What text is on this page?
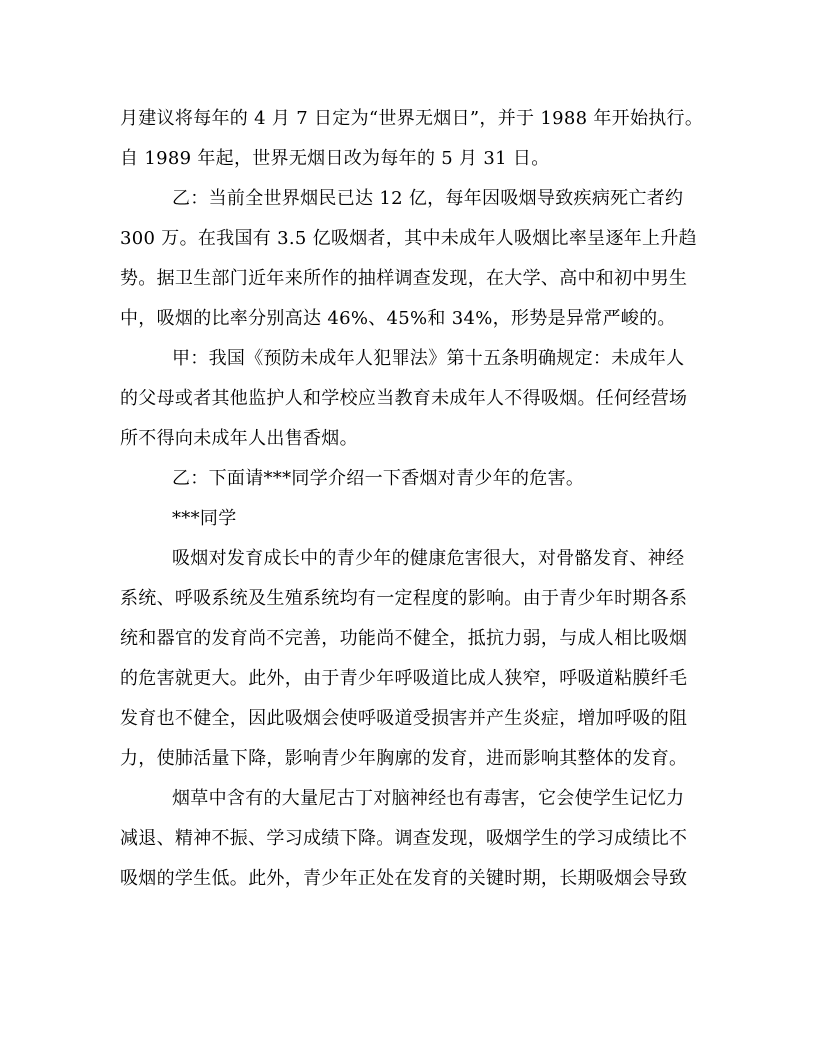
月建议将每年的 4 月 7 日定为“世界无烟日”，并于 1988 年开始执行。
自 1989 年起，世界无烟日改为每年的 5 月 31 日。
乙：当前全世界烟民已达 12 亿，每年因吸烟导致疾病死亡者约
300 万。在我国有 3.5 亿吸烟者，其中未成年人吸烟比率呈逐年上升趋
势。据卫生部门近年来所作的抽样调查发现，在大学、高中和初中男生
中，吸烟的比率分别高达 46%、45%和 34%，形势是异常严峻的。
甲：我国《预防未成年人犯罪法》第十五条明确规定：未成年人
的父母或者其他监护人和学校应当教育未成年人不得吸烟。任何经营场
所不得向未成年人出售香烟。
乙：下面请***同学介绍一下香烟对青少年的危害。
***同学
吸烟对发育成长中的青少年的健康危害很大，对骨骼发育、神经
系统、呼吸系统及生殖系统均有一定程度的影响。由于青少年时期各系
统和器官的发育尚不完善，功能尚不健全，抵抗力弱，与成人相比吸烟
的危害就更大。此外，由于青少年呼吸道比成人狭窄，呼吸道粘膜纤毛
发育也不健全，因此吸烟会使呼吸道受损害并产生炎症，增加呼吸的阻
力，使肺活量下降，影响青少年胸廓的发育，进而影响其整体的发育。
烟草中含有的大量尼古丁对脑神经也有毒害，它会使学生记忆力
减退、精神不振、学习成绩下降。调查发现，吸烟学生的学习成绩比不
吸烟的学生低。此外，青少年正处在发育的关键时期，长期吸烟会导致
